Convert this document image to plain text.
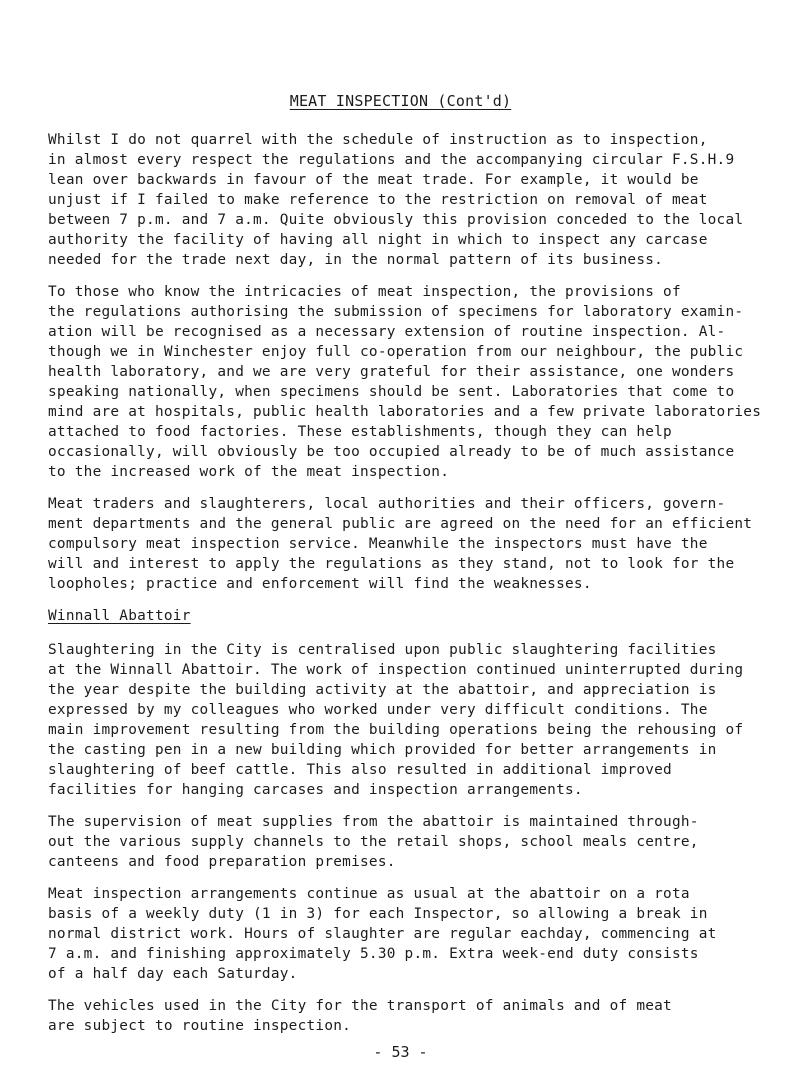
MEAT INSPECTION (Cont'd)
Whilst I do not quarrel with the schedule of instruction as to inspection,
in almost every respect the regulations and the accompanying circular F.S.H.9
lean over backwards in favour of the meat trade. For example, it would be
unjust if I failed to make reference to the restriction on removal of meat
between 7 p.m. and 7 a.m. Quite obviously this provision conceded to the local
authority the facility of having all night in which to inspect any carcase
needed for the trade next day, in the normal pattern of its business.
To those who know the intricacies of meat inspection, the provisions of
the regulations authorising the submission of specimens for laboratory examin-
ation will be recognised as a necessary extension of routine inspection. Al-
though we in Winchester enjoy full co-operation from our neighbour, the public
health laboratory, and we are very grateful for their assistance, one wonders
speaking nationally, when specimens should be sent. Laboratories that come to
mind are at hospitals, public health laboratories and a few private laboratories
attached to food factories. These establishments, though they can help
occasionally, will obviously be too occupied already to be of much assistance
to the increased work of the meat inspection.
Meat traders and slaughterers, local authorities and their officers, govern-
ment departments and the general public are agreed on the need for an efficient
compulsory meat inspection service. Meanwhile the inspectors must have the
will and interest to apply the regulations as they stand, not to look for the
loopholes; practice and enforcement will find the weaknesses.
Winnall Abattoir
Slaughtering in the City is centralised upon public slaughtering facilities
at the Winnall Abattoir. The work of inspection continued uninterrupted during
the year despite the building activity at the abattoir, and appreciation is
expressed by my colleagues who worked under very difficult conditions. The
main improvement resulting from the building operations being the rehousing of
the casting pen in a new building which provided for better arrangements in
slaughtering of beef cattle. This also resulted in additional improved
facilities for hanging carcases and inspection arrangements.
The supervision of meat supplies from the abattoir is maintained through-
out the various supply channels to the retail shops, school meals centre,
canteens and food preparation premises.
Meat inspection arrangements continue as usual at the abattoir on a rota
basis of a weekly duty (1 in 3) for each Inspector, so allowing a break in
normal district work. Hours of slaughter are regular eachday, commencing at
7 a.m. and finishing approximately 5.30 p.m. Extra week-end duty consists
of a half day each Saturday.
The vehicles used in the City for the transport of animals and of meat
are subject to routine inspection.
- 53 -
